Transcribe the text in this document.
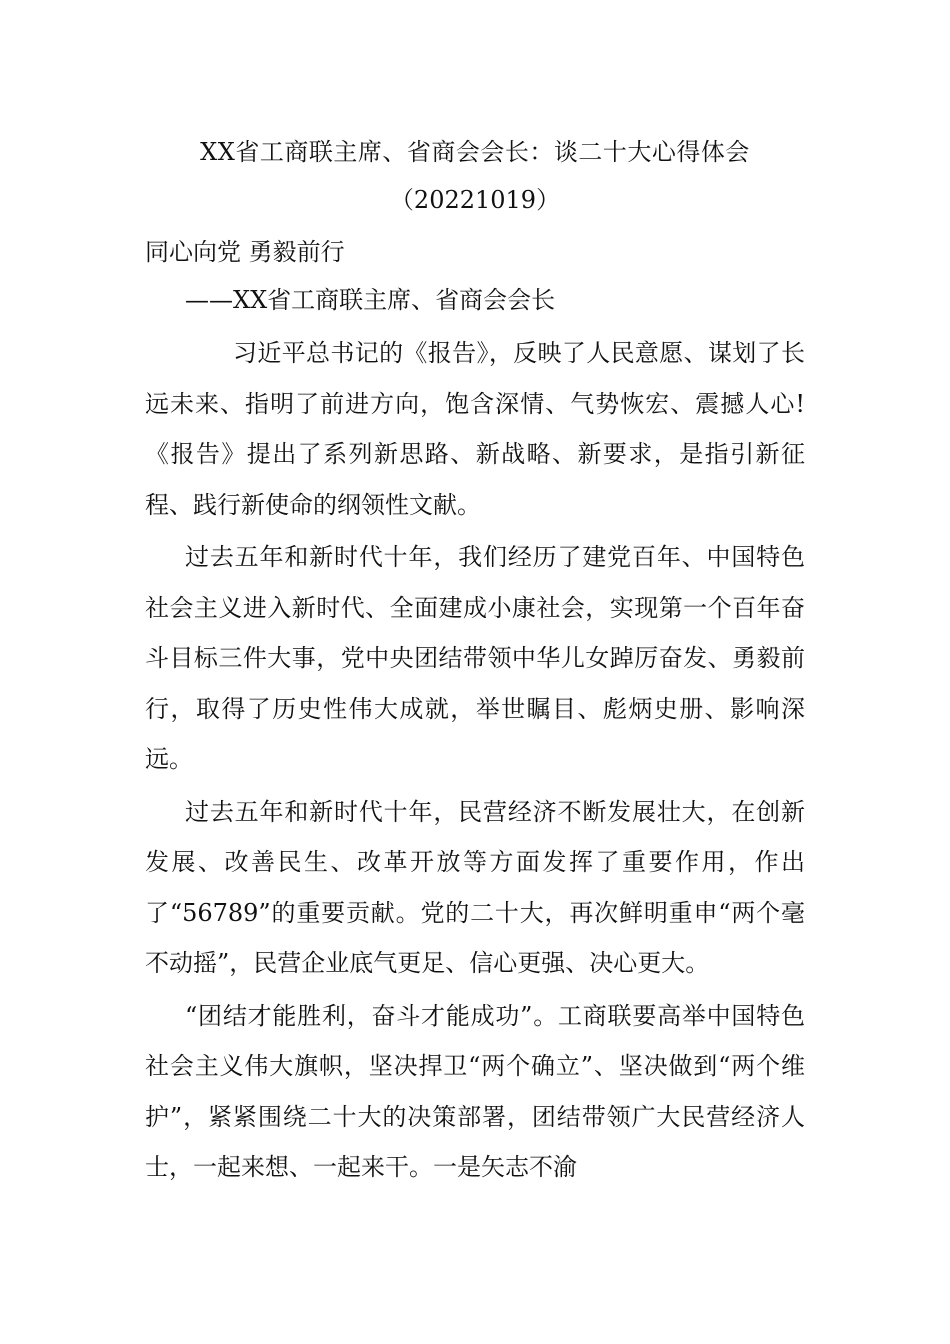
XX省工商联主席、省商会会长：谈二十大心得体会
（20221019）
同心向党 勇毅前行
——XX省工商联主席、省商会会长

习近平总书记的《报告》，反映了人民意愿、谋划了长远未来、指明了前进方向，饱含深情、气势恢宏、震撼人心!《报告》提出了系列新思路、新战略、新要求，是指引新征程、践行新使命的纲领性文献。

过去五年和新时代十年，我们经历了建党百年、中国特色社会主义进入新时代、全面建成小康社会，实现第一个百年奋斗目标三件大事，党中央团结带领中华儿女踔厉奋发、勇毅前行，取得了历史性伟大成就，举世瞩目、彪炳史册、影响深远。

过去五年和新时代十年，民营经济不断发展壮大，在创新发展、改善民生、改革开放等方面发挥了重要作用，作出了“56789”的重要贡献。党的二十大，再次鲜明重申“两个毫不动摇”，民营企业底气更足、信心更强、决心更大。

“团结才能胜利，奋斗才能成功”。工商联要高举中国特色社会主义伟大旗帜，坚决捍卫“两个确立”、坚决做到“两个维护”，紧紧围绕二十大的决策部署，团结带领广大民营经济人士，一起来想、一起来干。一是矢志不渝
